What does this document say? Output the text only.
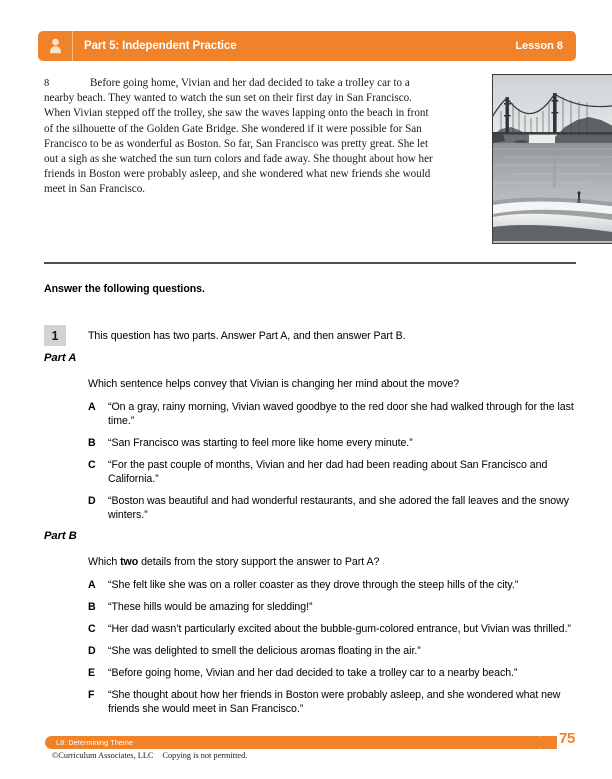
Part 5: Independent Practice	Lesson 8
8	Before going home, Vivian and her dad decided to take a trolley car to a nearby beach. They wanted to watch the sun set on their first day in San Francisco. When Vivian stepped off the trolley, she saw the waves lapping onto the beach in front of the silhouette of the Golden Gate Bridge. She wondered if it were possible for San Francisco to be as wonderful as Boston. So far, San Francisco was pretty great. She let out a sigh as she watched the sun turn colors and fade away. She thought about how her friends in Boston were probably asleep, and she wondered what new friends she would meet in San Francisco.
Answer the following questions.
1	This question has two parts. Answer Part A, and then answer Part B.
Part A
Which sentence helps convey that Vivian is changing her mind about the move?
A	“On a gray, rainy morning, Vivian waved goodbye to the red door she had walked through for the last time.”
B	“San Francisco was starting to feel more like home every minute.”
C	“For the past couple of months, Vivian and her dad had been reading about San Francisco and California.”
D	“Boston was beautiful and had wonderful restaurants, and she adored the fall leaves and the snowy winters.”
Part B
Which two details from the story support the answer to Part A?
A	“She felt like she was on a roller coaster as they drove through the steep hills of the city.”
B	“These hills would be amazing for sledding!”
C	“Her dad wasn’t particularly excited about the bubble-gum-colored entrance, but Vivian was thrilled.”
D	“She was delighted to smell the delicious aromas floating in the air.”
E	“Before going home, Vivian and her dad decided to take a trolley car to a nearby beach.”
F	“She thought about how her friends in Boston were probably asleep, and she wondered what new friends she would meet in San Francisco.”
L8: Determining Theme	75
©Curriculum Associates, LLC Copying is not permitted.
